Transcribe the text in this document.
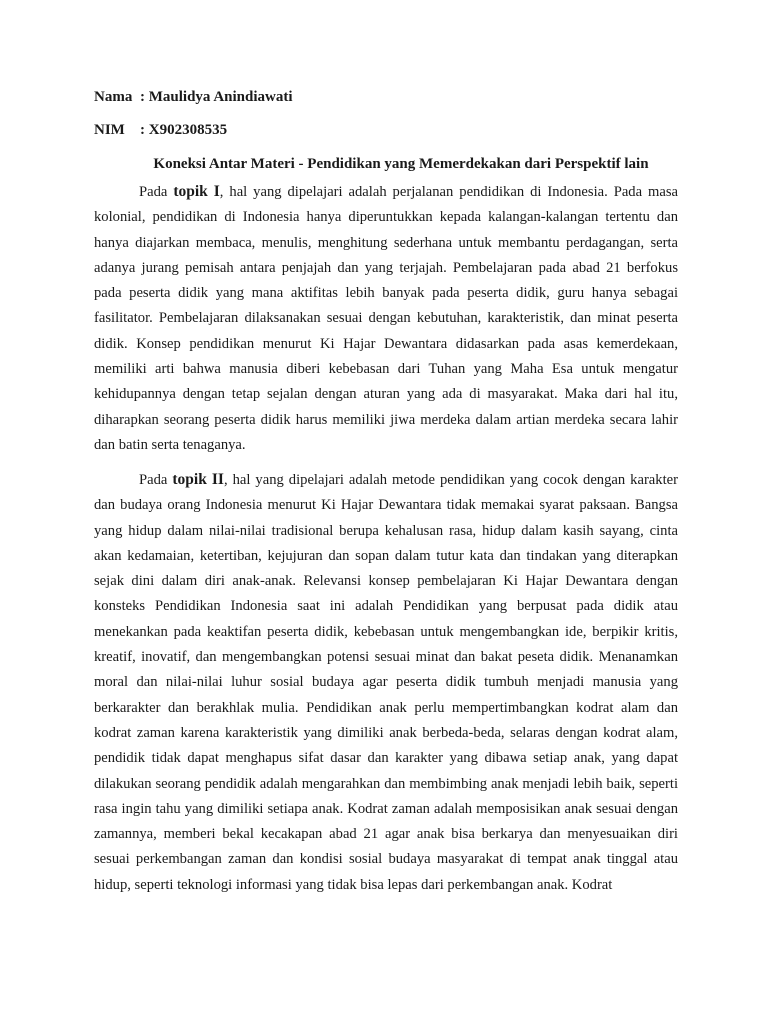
Nama : Maulidya Anindiawati
NIM : X902308535
Koneksi Antar Materi - Pendidikan yang Memerdekakan dari Perspektif lain

Pada topik I, hal yang dipelajari adalah perjalanan pendidikan di Indonesia. Pada masa kolonial, pendidikan di Indonesia hanya diperuntukkan kepada kalangan-kalangan tertentu dan hanya diajarkan membaca, menulis, menghitung sederhana untuk membantu perdagangan, serta adanya jurang pemisah antara penjajah dan yang terjajah. Pembelajaran pada abad 21 berfokus pada peserta didik yang mana aktifitas lebih banyak pada peserta didik, guru hanya sebagai fasilitator. Pembelajaran dilaksanakan sesuai dengan kebutuhan, karakteristik, dan minat peserta didik. Konsep pendidikan menurut Ki Hajar Dewantara didasarkan pada asas kemerdekaan, memiliki arti bahwa manusia diberi kebebasan dari Tuhan yang Maha Esa untuk mengatur kehidupannya dengan tetap sejalan dengan aturan yang ada di masyarakat. Maka dari hal itu, diharapkan seorang peserta didik harus memiliki jiwa merdeka dalam artian merdeka secara lahir dan batin serta tenaganya.

Pada topik II, hal yang dipelajari adalah metode pendidikan yang cocok dengan karakter dan budaya orang Indonesia menurut Ki Hajar Dewantara tidak memakai syarat paksaan. Bangsa yang hidup dalam nilai-nilai tradisional berupa kehalusan rasa, hidup dalam kasih sayang, cinta akan kedamaian, ketertiban, kejujuran dan sopan dalam tutur kata dan tindakan yang diterapkan sejak dini dalam diri anak-anak. Relevansi konsep pembelajaran Ki Hajar Dewantara dengan konsteks Pendidikan Indonesia saat ini adalah Pendidikan yang berpusat pada didik atau menekankan pada keaktifan peserta didik, kebebasan untuk mengembangkan ide, berpikir kritis, kreatif, inovatif, dan mengembangkan potensi sesuai minat dan bakat peseta didik. Menanamkan moral dan nilai-nilai luhur sosial budaya agar peserta didik tumbuh menjadi manusia yang berkarakter dan berakhlak mulia. Pendidikan anak perlu mempertimbangkan kodrat alam dan kodrat zaman karena karakteristik yang dimiliki anak berbeda-beda, selaras dengan kodrat alam, pendidik tidak dapat menghapus sifat dasar dan karakter yang dibawa setiap anak, yang dapat dilakukan seorang pendidik adalah mengarahkan dan membimbing anak menjadi lebih baik, seperti rasa ingin tahu yang dimiliki setiapa anak. Kodrat zaman adalah memposisikan anak sesuai dengan zamannya, memberi bekal kecakapan abad 21 agar anak bisa berkarya dan menyesuaikan diri sesuai perkembangan zaman dan kondisi sosial budaya masyarakat di tempat anak tinggal atau hidup, seperti teknologi informasi yang tidak bisa lepas dari perkembangan anak. Kodrat
